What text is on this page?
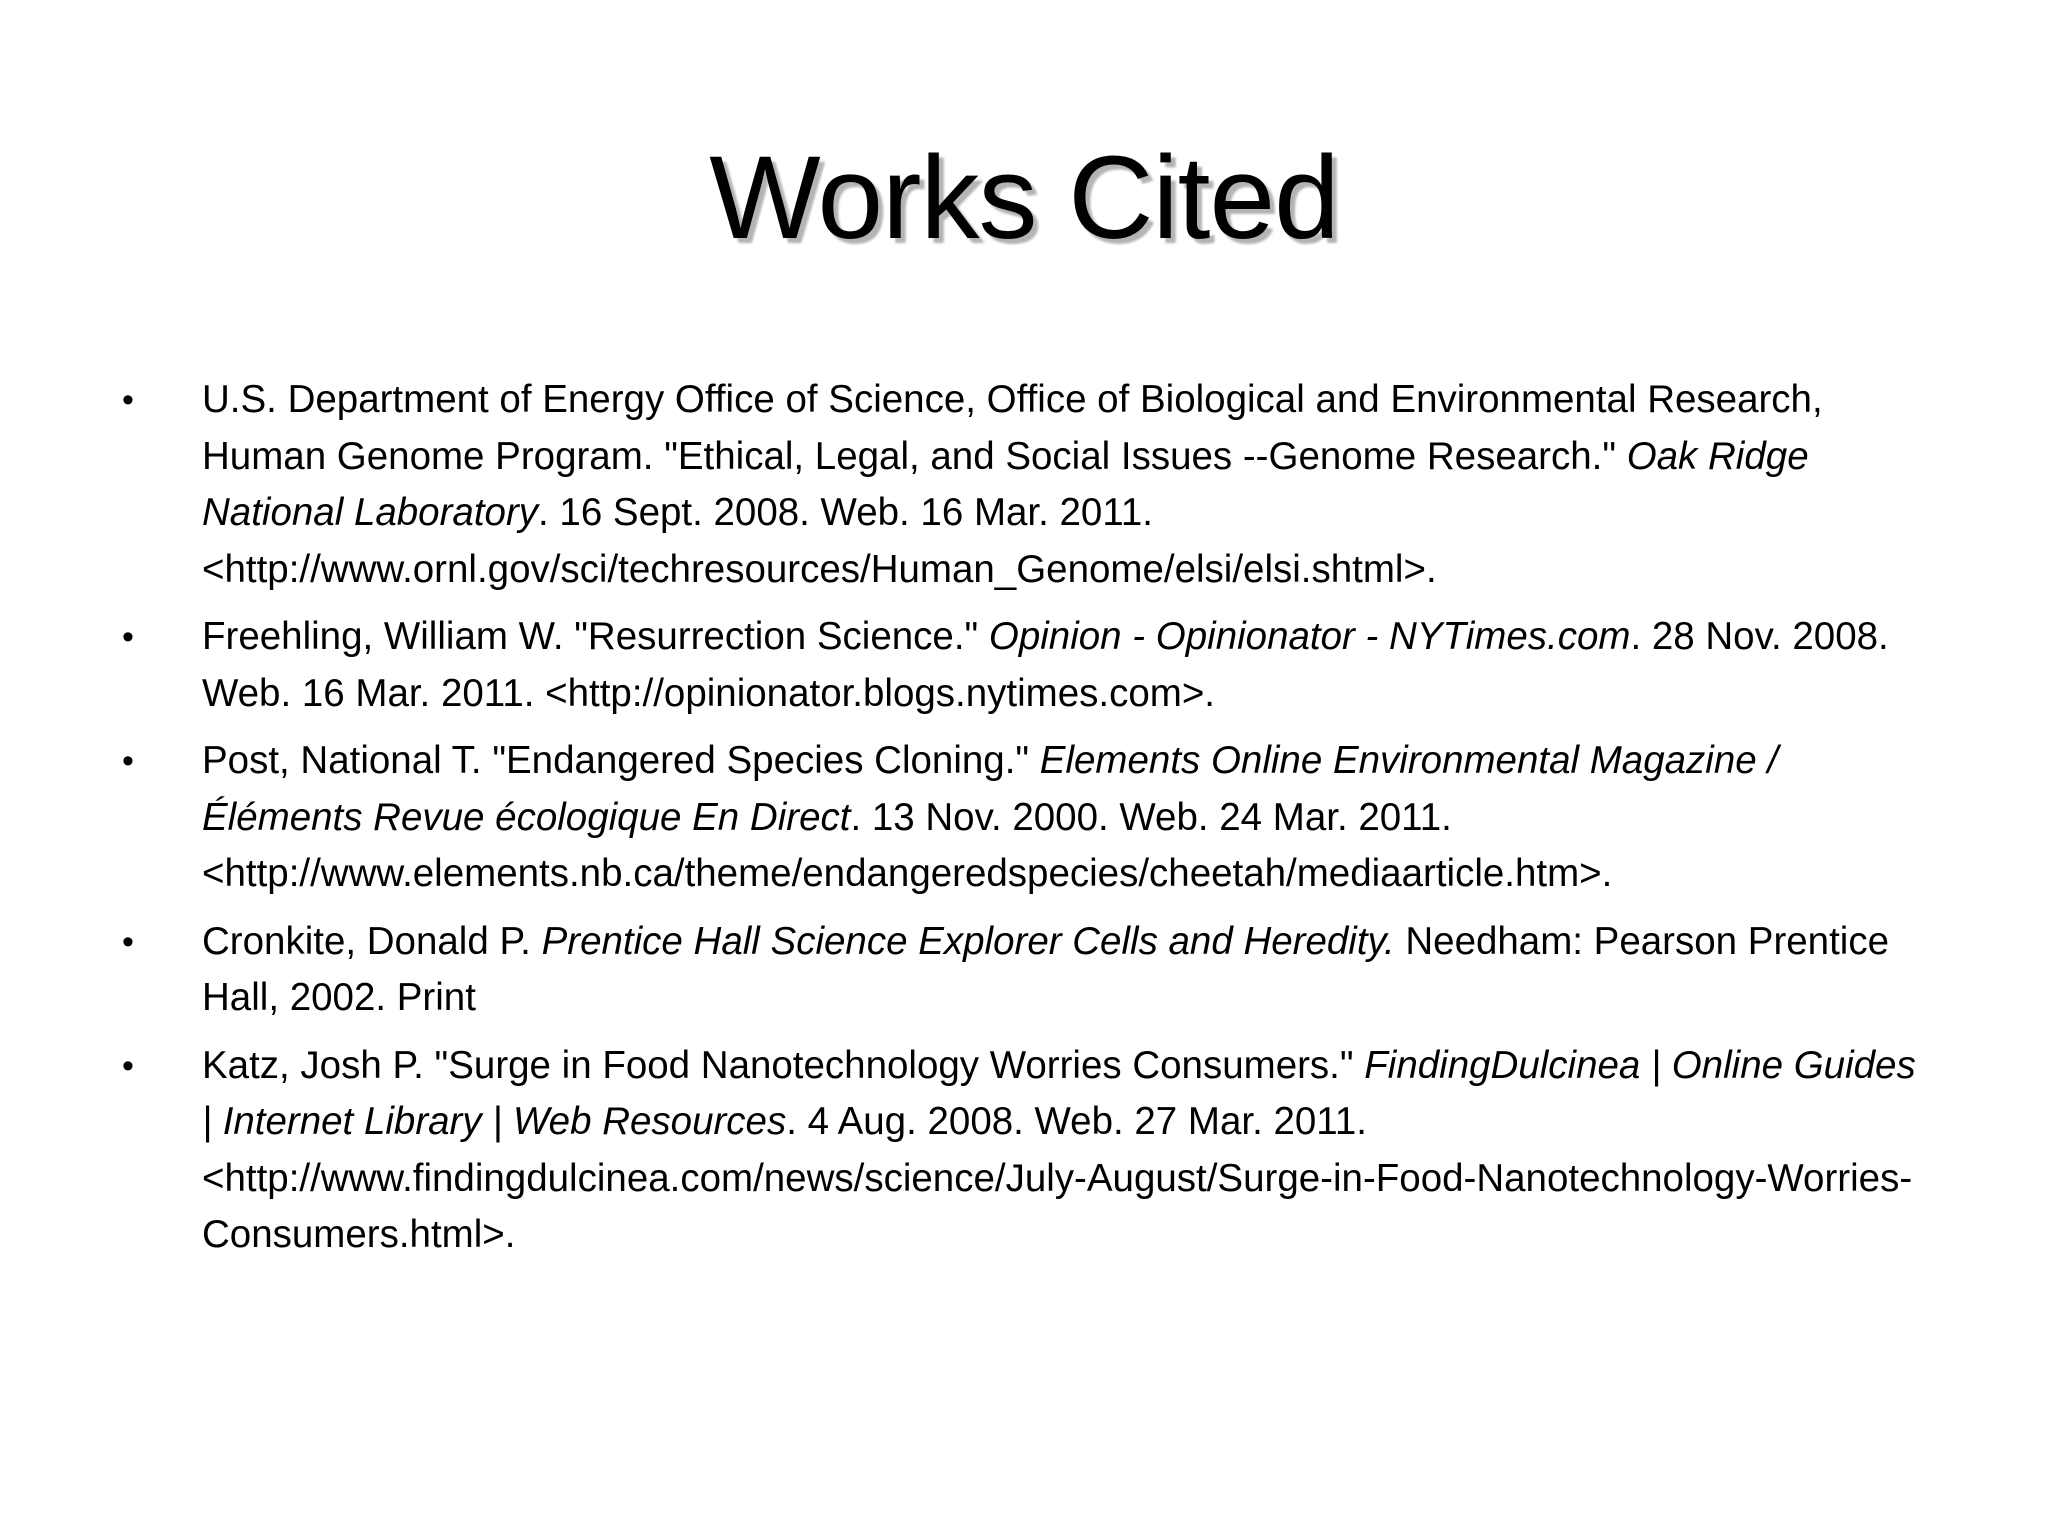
Works Cited
• U.S. Department of Energy Office of Science, Office of Biological and Environmental Research, Human Genome Program. "Ethical, Legal, and Social Issues --Genome Research." Oak Ridge National Laboratory. 16 Sept. 2008. Web. 16 Mar. 2011. <http://www.ornl.gov/sci/techresources/Human_Genome/elsi/elsi.shtml>.
• Freehling, William W. "Resurrection Science." Opinion - Opinionator - NYTimes.com. 28 Nov. 2008. Web. 16 Mar. 2011. <http://opinionator.blogs.nytimes.com>.
• Post, National T. "Endangered Species Cloning." Elements Online Environmental Magazine / Éléments Revue écologique En Direct. 13 Nov. 2000. Web. 24 Mar. 2011. <http://www.elements.nb.ca/theme/endangeredspecies/cheetah/mediaarticle.htm>.
• Cronkite, Donald P. Prentice Hall Science Explorer Cells and Heredity. Needham: Pearson Prentice Hall, 2002. Print
• Katz, Josh P. "Surge in Food Nanotechnology Worries Consumers." FindingDulcinea | Online Guides | Internet Library | Web Resources. 4 Aug. 2008. Web. 27 Mar. 2011. <http://www.findingdulcinea.com/news/science/July-August/Surge-in-Food-Nanotechnology-Worries-Consumers.html>.
